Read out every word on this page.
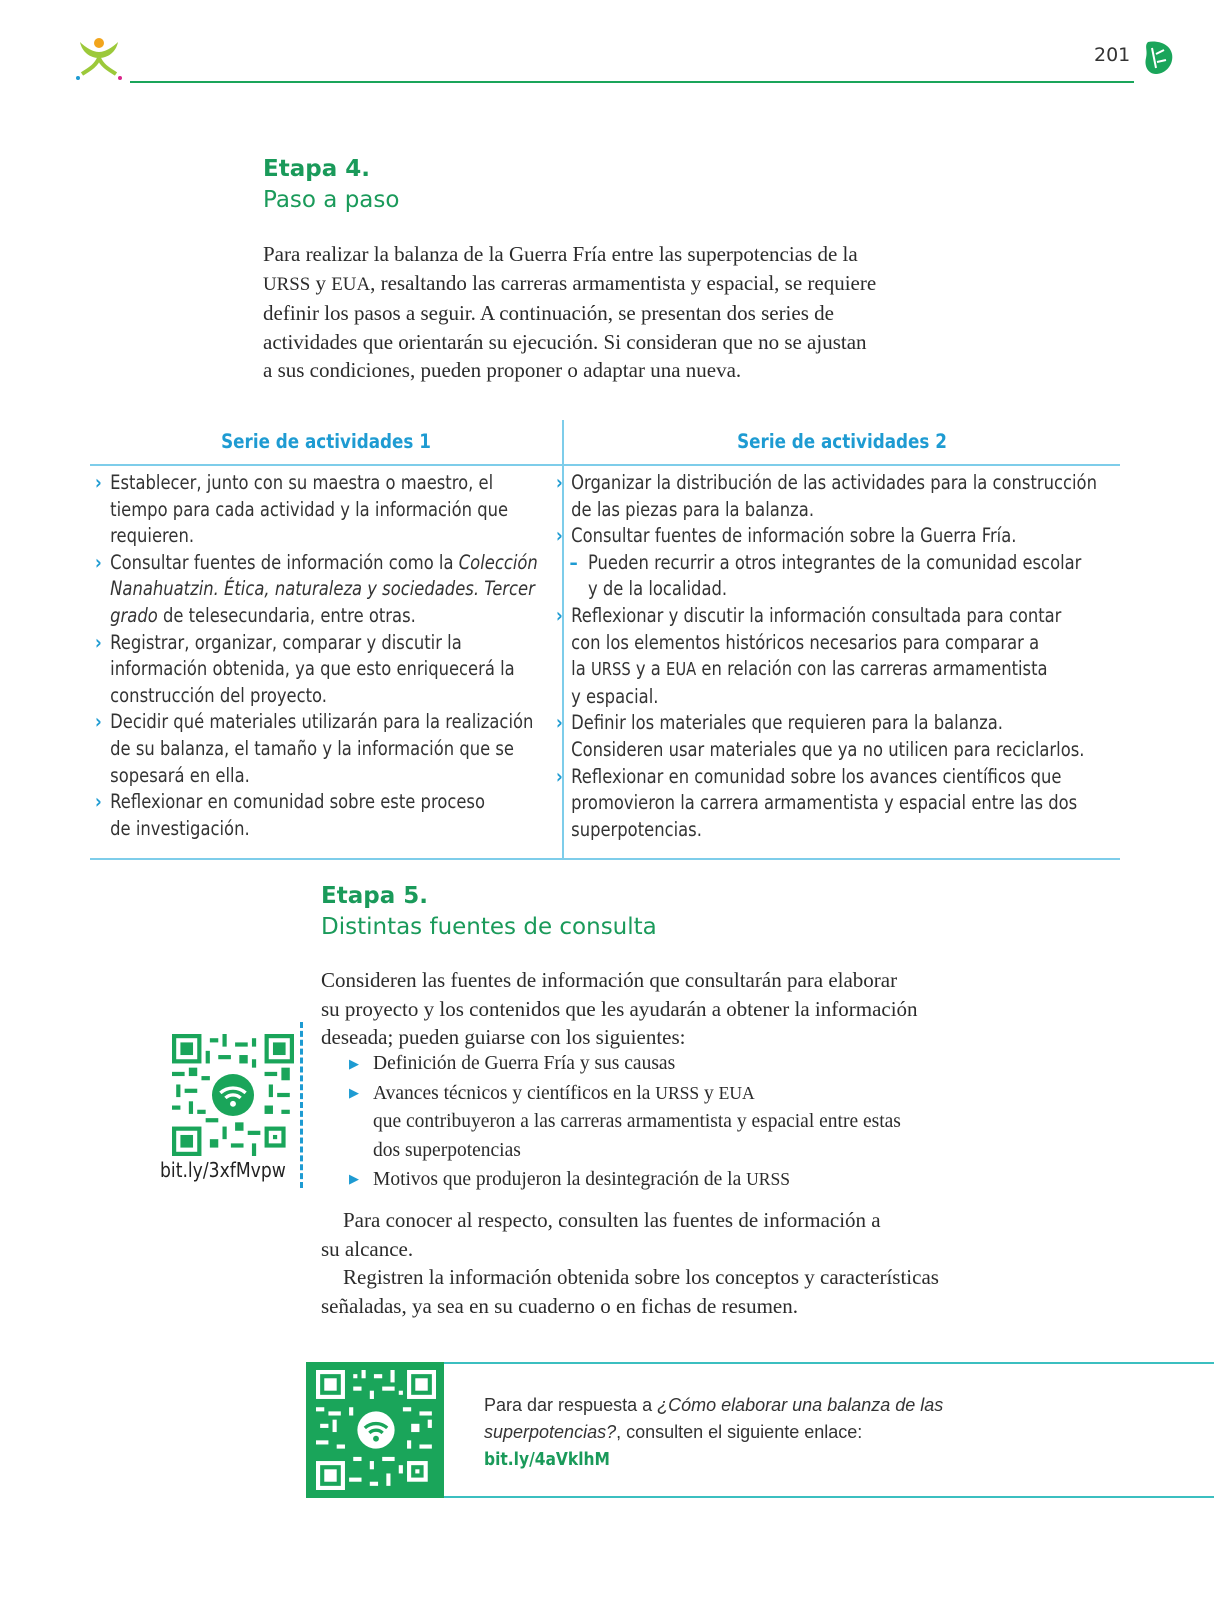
201
Etapa 4.
Paso a paso
Para realizar la balanza de la Guerra Fría entre las superpotencias de la
URSS y EUA, resaltando las carreras armamentista y espacial, se requiere
definir los pasos a seguir. A continuación, se presentan dos series de
actividades que orientarán su ejecución. Si consideran que no se ajustan
a sus condiciones, pueden proponer o adaptar una nueva.
Serie de actividades 1	Serie de actividades 2
› Establecer, junto con su maestra o maestro, el
tiempo para cada actividad y la información que
requieren.
› Consultar fuentes de información como la Colección
Nanahuatzin. Ética, naturaleza y sociedades. Tercer
grado de telesecundaria, entre otras.
› Registrar, organizar, comparar y discutir la
información obtenida, ya que esto enriquecerá la
construcción del proyecto.
› Decidir qué materiales utilizarán para la realización
de su balanza, el tamaño y la información que se
sopesará en ella.
› Reflexionar en comunidad sobre este proceso
de investigación.
› Organizar la distribución de las actividades para la construcción
de las piezas para la balanza.
› Consultar fuentes de información sobre la Guerra Fría.
– Pueden recurrir a otros integrantes de la comunidad escolar
y de la localidad.
› Reflexionar y discutir la información consultada para contar
con los elementos históricos necesarios para comparar a
la URSS y a EUA en relación con las carreras armamentista
y espacial.
› Definir los materiales que requieren para la balanza.
Consideren usar materiales que ya no utilicen para reciclarlos.
› Reflexionar en comunidad sobre los avances científicos que
promovieron la carrera armamentista y espacial entre las dos
superpotencias.
Etapa 5.
Distintas fuentes de consulta
Consideren las fuentes de información que consultarán para elaborar
su proyecto y los contenidos que les ayudarán a obtener la información
deseada; pueden guiarse con los siguientes:
▶ Definición de Guerra Fría y sus causas
▶ Avances técnicos y científicos en la URSS y EUA
que contribuyeron a las carreras armamentista y espacial entre estas
dos superpotencias
▶ Motivos que produjeron la desintegración de la URSS
Para conocer al respecto, consulten las fuentes de información a
su alcance.
Registren la información obtenida sobre los conceptos y características
señaladas, ya sea en su cuaderno o en fichas de resumen.
bit.ly/3xfMvpw
Para dar respuesta a ¿Cómo elaborar una balanza de las
superpotencias?, consulten el siguiente enlace:
bit.ly/4aVklhM
